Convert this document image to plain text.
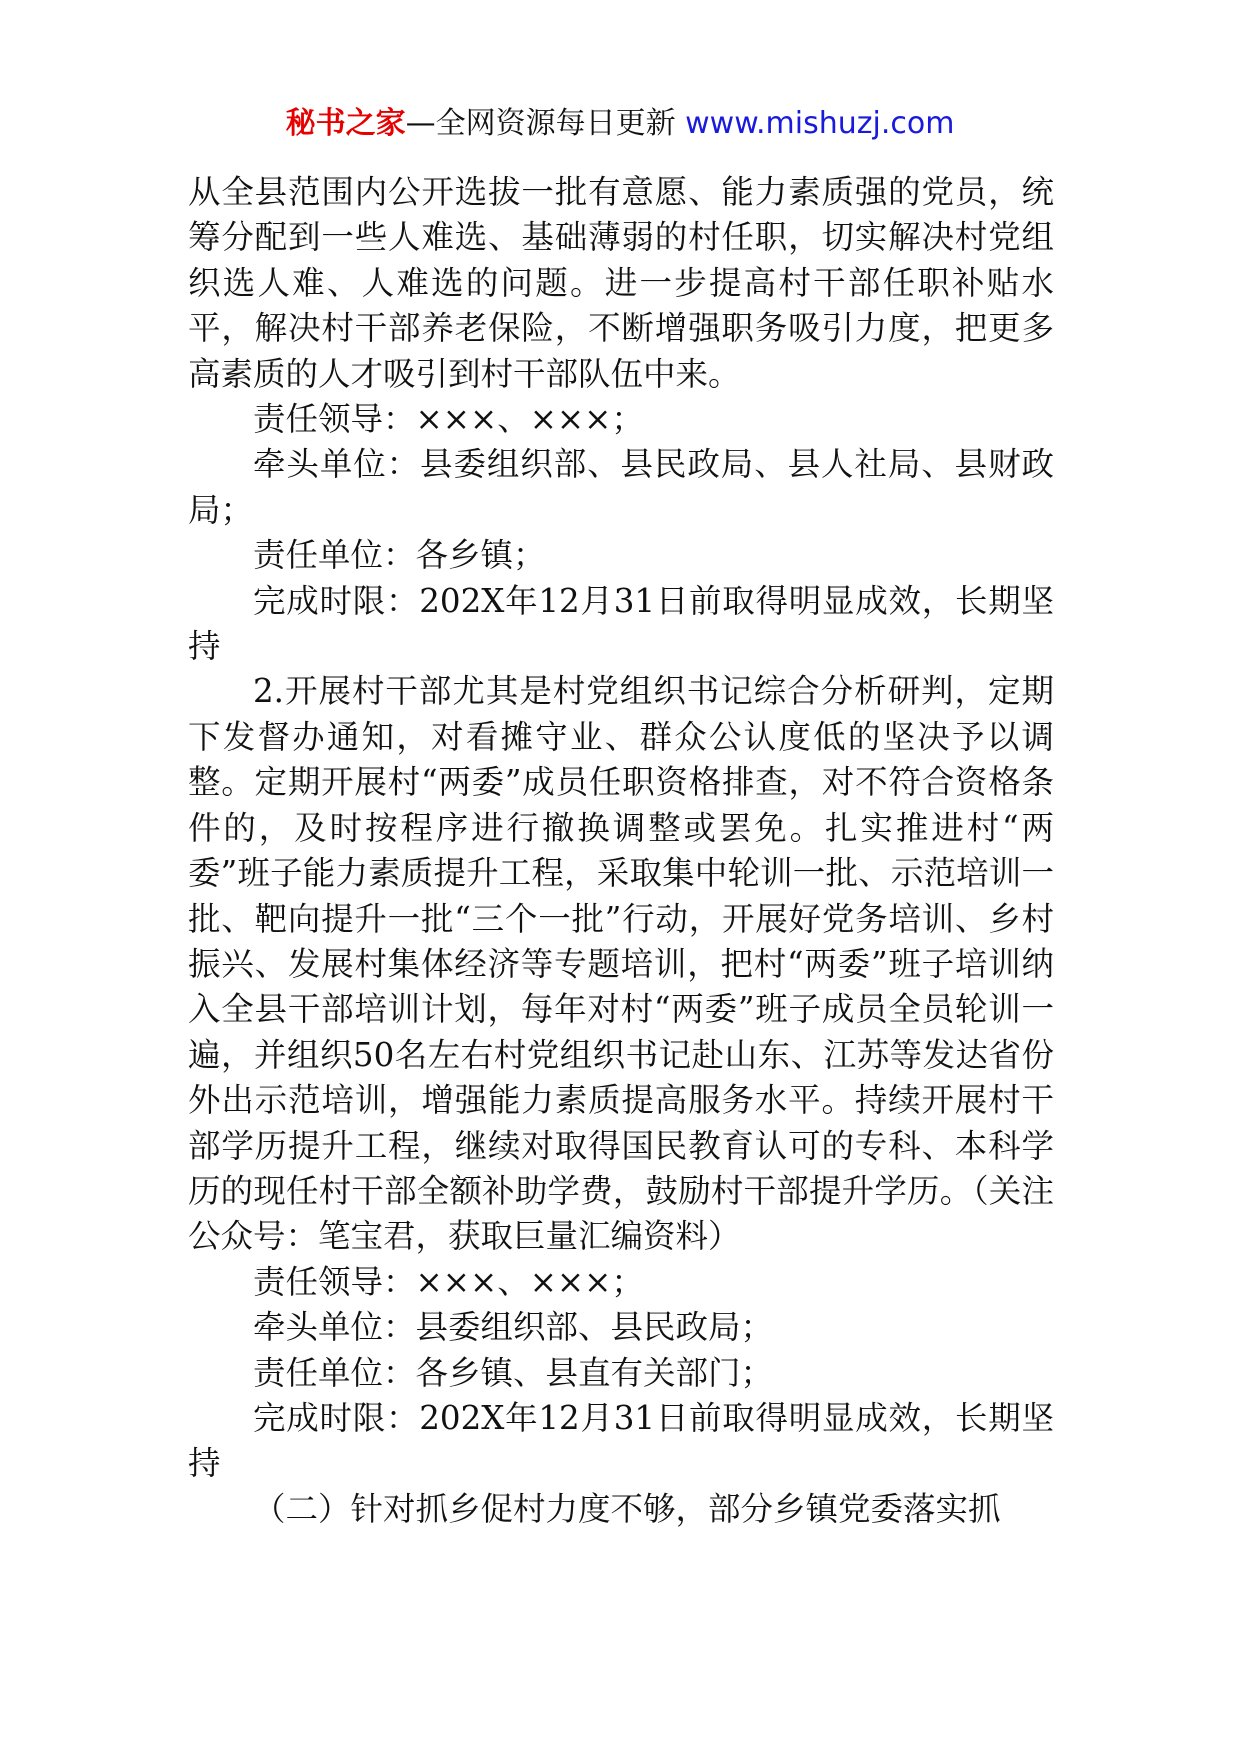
秘书之家—全网资源每日更新 www.mishuzj.com

从全县范围内公开选拔一批有意愿、能力素质强的党员，统筹分配到一些人难选、基础薄弱的村任职，切实解决村党组织选人难、人难选的问题。进一步提高村干部任职补贴水平，解决村干部养老保险，不断增强职务吸引力度，把更多高素质的人才吸引到村干部队伍中来。

责任领导：×××、×××；

牵头单位：县委组织部、县民政局、县人社局、县财政局；

责任单位：各乡镇；

完成时限：202X年12月31日前取得明显成效，长期坚持

2.开展村干部尤其是村党组织书记综合分析研判，定期下发督办通知，对看摊守业、群众公认度低的坚决予以调整。定期开展村“两委”成员任职资格排查，对不符合资格条件的，及时按程序进行撤换调整或罢免。扎实推进村“两委”班子能力素质提升工程，采取集中轮训一批、示范培训一批、靶向提升一批“三个一批”行动，开展好党务培训、乡村振兴、发展村集体经济等专题培训，把村“两委”班子培训纳入全县干部培训计划，每年对村“两委”班子成员全员轮训一遍，并组织50名左右村党组织书记赴山东、江苏等发达省份外出示范培训，增强能力素质提高服务水平。持续开展村干部学历提升工程，继续对取得国民教育认可的专科、本科学历的现任村干部全额补助学费，鼓励村干部提升学历。（关注公众号：笔宝君，获取巨量汇编资料）

责任领导：×××、×××；

牵头单位：县委组织部、县民政局；

责任单位：各乡镇、县直有关部门；

完成时限：202X年12月31日前取得明显成效，长期坚持

（二）针对抓乡促村力度不够，部分乡镇党委落实抓
